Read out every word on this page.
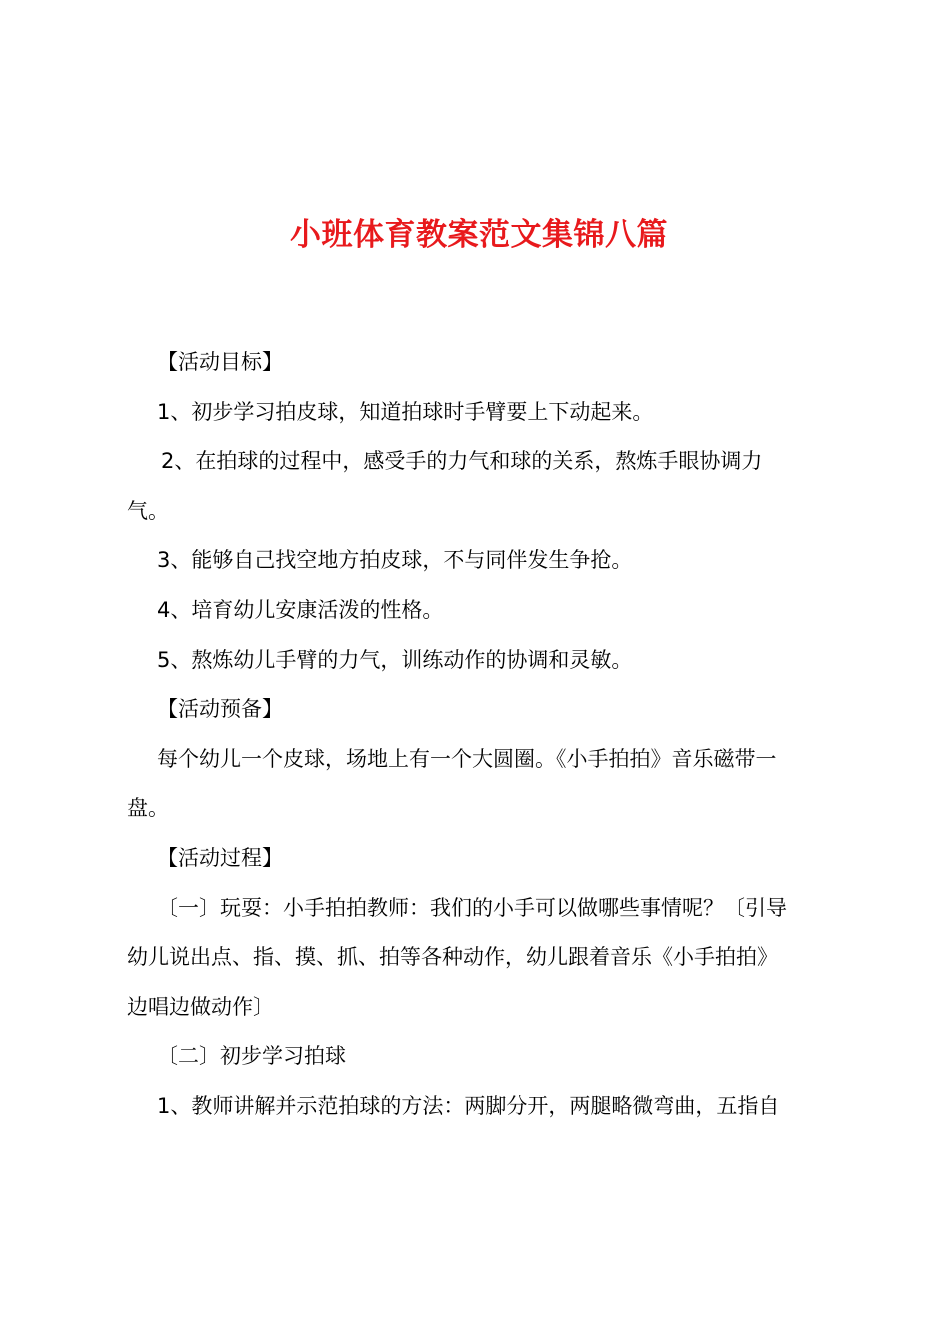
小班体育教案范文集锦八篇
【活动目标】
1、初步学习拍皮球，知道拍球时手臂要上下动起来。
2、在拍球的过程中，感受手的力气和球的关系，熬炼手眼协调力
气。
3、能够自己找空地方拍皮球，不与同伴发生争抢。
4、培育幼儿安康活泼的性格。
5、熬炼幼儿手臂的力气，训练动作的协调和灵敏。
【活动预备】
每个幼儿一个皮球，场地上有一个大圆圈。《小手拍拍》音乐磁带一
盘。
【活动过程】
〔一〕玩耍：小手拍拍教师：我们的小手可以做哪些事情呢？〔引导
幼儿说出点、指、摸、抓、拍等各种动作，幼儿跟着音乐《小手拍拍》
边唱边做动作〕
〔二〕初步学习拍球
1、教师讲解并示范拍球的方法：两脚分开，两腿略微弯曲，五指自
